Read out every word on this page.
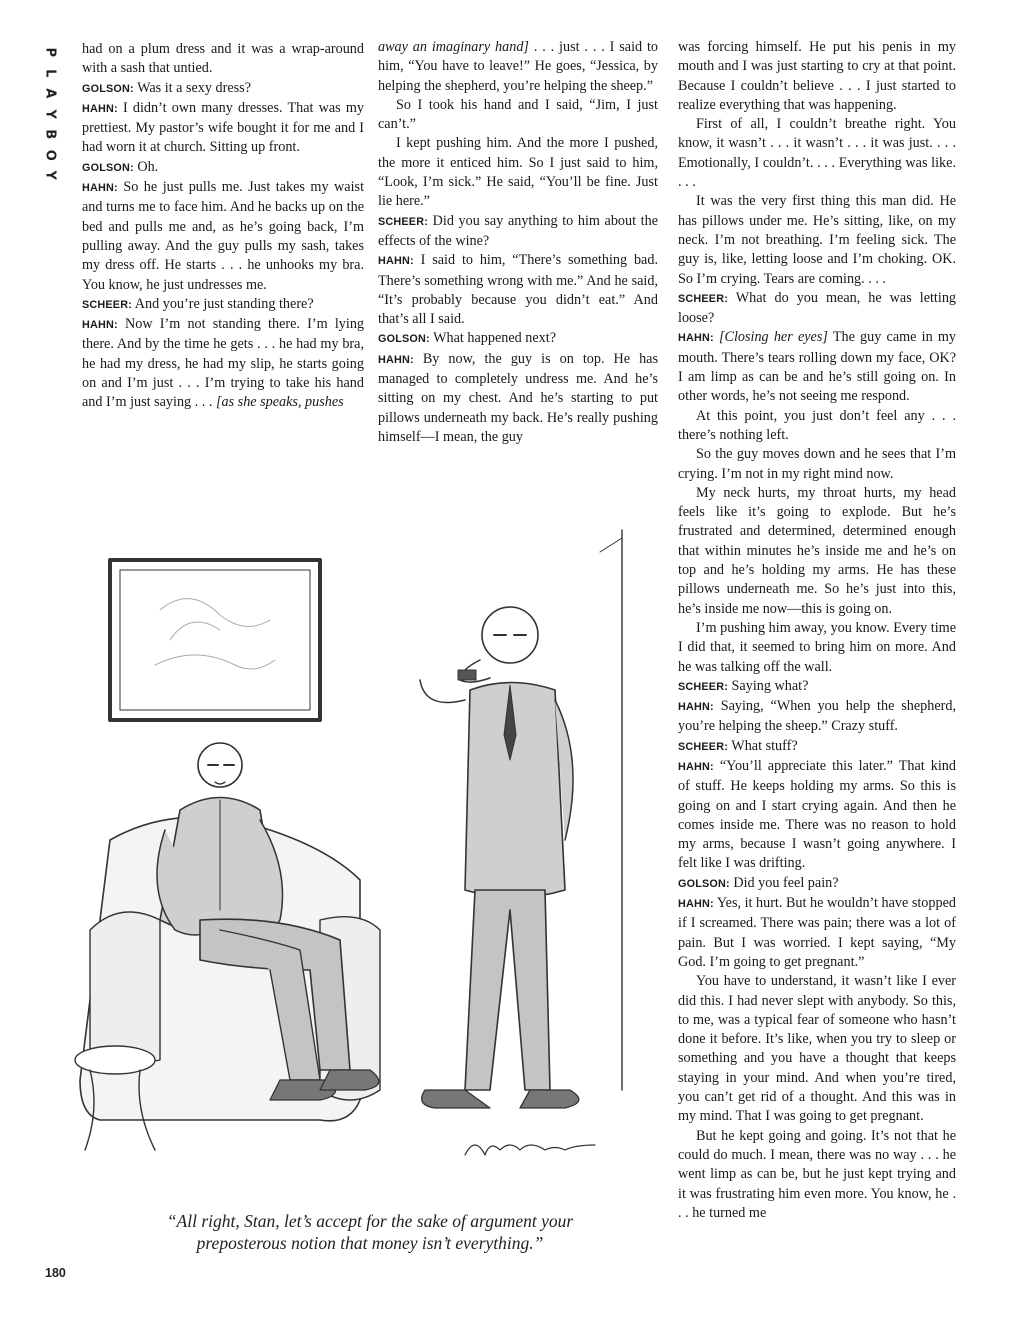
P
L
A
Y
B
O
Y

had on a plum dress and it was a wrap-around with a sash that untied.

GOLSON: Was it a sexy dress?

HAHN: I didn’t own many dresses. That was my prettiest. My pastor’s wife bought it for me and I had worn it at church. Sitting up front.

GOLSON: Oh.

HAHN: So he just pulls me. Just takes my waist and turns me to face him. And he backs up on the bed and pulls me and, as he’s going back, I’m pulling away. And the guy pulls my sash, takes my dress off. He starts . . . he unhooks my bra. You know, he just undresses me.

SCHEER: And you’re just standing there?

HAHN: Now I’m not standing there. I’m lying there. And by the time he gets . . . he had my bra, he had my dress, he had my slip, he starts going on and I’m just . . . I’m trying to take his hand and I’m just saying . . . [as she speaks, pushes

away an imaginary hand] . . . just . . . I said to him, “You have to leave!” He goes, “Jessica, by helping the shepherd, you’re helping the sheep.”

So I took his hand and I said, “Jim, I just can’t.”

I kept pushing him. And the more I pushed, the more it enticed him. So I just said to him, “Look, I’m sick.” He said, “You’ll be fine. Just lie here.”

SCHEER: Did you say anything to him about the effects of the wine?

HAHN: I said to him, “There’s something bad. There’s something wrong with me.” And he said, “It’s probably because you didn’t eat.” And that’s all I said.

GOLSON: What happened next?

HAHN: By now, the guy is on top. He has managed to completely undress me. And he’s sitting on my chest. And he’s starting to put pillows underneath my back. He’s really pushing himself—I mean, the guy

was forcing himself. He put his penis in my mouth and I was just starting to cry at that point. Because I couldn’t believe . . . I just started to realize everything that was happening.

First of all, I couldn’t breathe right. You know, it wasn’t . . . it wasn’t . . . it was just. . . . Emotionally, I couldn’t. . . . Everything was like. . . .

It was the very first thing this man did. He has pillows under me. He’s sitting, like, on my neck. I’m not breathing. I’m feeling sick. The guy is, like, letting loose and I’m choking. OK. So I’m crying. Tears are coming. . . .

SCHEER: What do you mean, he was letting loose?

HAHN: [Closing her eyes] The guy came in my mouth. There’s tears rolling down my face, OK? I am limp as can be and he’s still going on. In other words, he’s not seeing me respond.

At this point, you just don’t feel any . . . there’s nothing left.

So the guy moves down and he sees that I’m crying. I’m not in my right mind now.

My neck hurts, my throat hurts, my head feels like it’s going to explode. But he’s frustrated and determined, determined enough that within minutes he’s inside me and he’s on top and he’s holding my arms. He has these pillows underneath me. So he’s just into this, he’s inside me now—this is going on.

I’m pushing him away, you know. Every time I did that, it seemed to bring him on more. And he was talking off the wall.

SCHEER: Saying what?

HAHN: Saying, “When you help the shepherd, you’re helping the sheep.” Crazy stuff.

SCHEER: What stuff?

HAHN: “You’ll appreciate this later.” That kind of stuff. He keeps holding my arms. So this is going on and I start crying again. And then he comes inside me. There was no reason to hold my arms, because I wasn’t going anywhere. I felt like I was drifting.

GOLSON: Did you feel pain?

HAHN: Yes, it hurt. But he wouldn’t have stopped if I screamed. There was pain; there was a lot of pain. But I was worried. I kept saying, “My God. I’m going to get pregnant.”

You have to understand, it wasn’t like I ever did this. I had never slept with anybody. So this, to me, was a typical fear of someone who hasn’t done it before. It’s like, when you try to sleep or something and you have a thought that keeps staying in your mind. And when you’re tired, you can’t get rid of a thought. And this was in my mind. That I was going to get pregnant.

But he kept going and going. It’s not that he could do much. I mean, there was no way . . . he went limp as can be, but he just kept trying and it was frustrating him even more. You know, he . . . he turned me

“All right, Stan, let’s accept for the sake of argument your preposterous notion that money isn’t everything.”
180
